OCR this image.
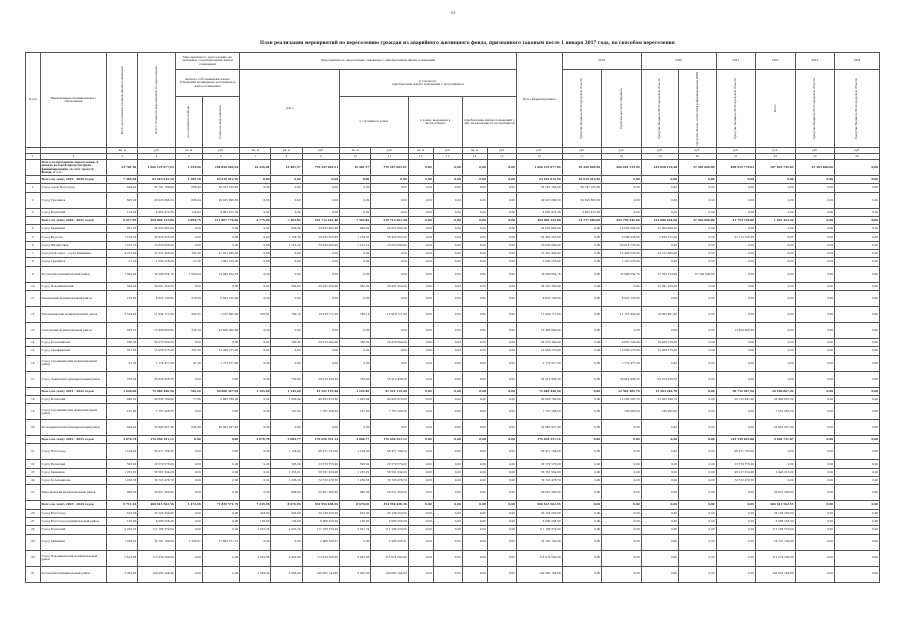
53
План реализации мероприятий по переселению граждан из аварийного жилищного фонда, признанного таковым после 1 января 2017 года, по способам переселения
№ п/п	Наименование муниципального образования	Всего расселяемая площадь жилых помещений	Всего стоимость мероприятий по переселению	Мероприятия по переселению, не связанные с приобретением жилых помещений		Мероприятия по переселению, связанные с приобретением жилых помещений									Всего финансирование	2019		2020		2021	2022	2023	2024
				выплата собственникам жилых помещений возмещения за изымаемое жилое помещение		всего			в том числе:
приобретение жилых помещений у застройщиков							Средства бюджета Волгоградской области	Средства местного бюджета	Средства бюджета Волгоградской области	Средства Фонда содействия реформированию ЖКХ	Средства бюджета Волгоградской области	Всего	Средства бюджета Волгоградской области	Средства бюджета Волгоградской области

				расселяемая площадь	стоимость мероприятий				в строящихся домах		в домах, введенных в эксплуатацию		приобретение жилых помещений у лиц, не являющихся застройщиком										
		кв. м	руб.	кв. м	руб.	кв. м	кв. м	руб.	кв. м	руб.	кв. м	руб.	кв. м	руб.	руб.	руб.	руб.	руб.	руб.	руб.	руб.	руб.	руб.
1	2	3	4	5	6	7	8	9	10	11	12	13	14	15	16	17	18	19	20	21	22	23	24
	Всего по программе переселения, в рамках которой предусмотрено финансирование за счет средств Фонда, в т.ч.:	23 781,36	1 666 125 077,03	1 254,06	104 850 666,54	16 226,04	16 481,57	770 247 065,61	16 481,57	770 247 065,61	0,00	0,00	0,00	0,00	1 666 125 077,03	65 220 840,50	260 281 133,99	219 828 119,68	37 320 000,00	838 919 774,03	107 093 739,63	47 363 400,00	0,00
	Всего по этапу 2019 - 2020 годов	7 385,04	63 619 612,50	1 385,18	63 619 612,50	0,00	0,00	0,00	0,00	0,00	0,00	0,00	0,00	0,00	63 619 612,50	63 619 612,50	0,00	0,00	0,00	0,00	0,00	0,00	0,00
1	Город-герой Волгоград	629,40	56 741 169,00	668,40	56 741 169,00	0,00	0,00	0,00	0,00	0,00	0,00	0,00	0,00	0,00	56 741 169,00	56 741 169,00	0,00	0,00	0,00	0,00	0,00	0,00	0,00
2	Город Урюпинск	695,24	29 025 896,50	695,24	29 025 896,50	0,00	0,00	0,00	0,00	0,00	0,00	0,00	0,00	0,00	29 025 896,50	29 025 896,50	0,00	0,00	0,00	0,00	0,00	0,00	0,00
3	Город Волжский	114,92	4 863 472,56	114,92	4 863 472,56	0,00	0,00	0,00	0,00	0,00	0,00	0,00	0,00	0,00	4 863 472,56	4 863 472,56	0,00	0,00	0,00	0,00	0,00	0,00	0,00
	Всего по этапу 2020 - 2021 годов	9 417,99	394 899 153,80	2 094,75	111 807 776,66	4 775,29	7 303,85	219 712 261,48	7 303,85	219 712 261,48	0,00	0,00	0,00	0,00	394 899 153,80	14 717 680,00	252 750 546,00	214 080 444,60	37 320 000,00	41 793 736,00	1 961 363,52	0,00	0,00
4	Город Камышин	991,25	34 625 862,00	0,00	0,00	0,00	600,00	34 625 862,00	600,00	34 625 862,00	0,00	0,00	0,00	0,00	34 625 862,00	0,00	19 625 862,00	15 000 000,00	0,00	0,00	0,00	0,00	0,00
5	Город Фролово	1 154,30	56 455 355,60	0,00	0,00	0,00	1 154,30	56 455 355,60	1 154,30	56 455 355,60	0,00	0,00	0,00	0,00	56 455 355,60	0,00	2 286 428,00	2 456 271,00	0,00	41 713 736,00	0,00	0,00	0,00
6	Город Михайловка	1 215,10	70 620 000,00	0,00	0,00	0,00	1 215,10	70 620 000,00	1 215,10	70 620 000,00	0,00	0,00	0,00	0,00	70 620 000,00	0,00	69 618 776,00	0,00	0,00	0,00	0,00	0,00	0,00
7	Городской округ - город Камышин	4 273,60	31 231 430,00	701,20	31 231 430,00	0,00	0,00	0,00	0,00	0,00	0,00	0,00	0,00	0,00	31 231 430,00	0,00	12 428 526,60	18 211 866,00	0,00	0,00	0,00	0,00	0,00
8	Город Урюпинск	27,20	1 002 276,00	27,20	1 002 276,00	0,00	0,00	0,00	0,00	0,00	0,00	0,00	0,00	0,00	1 002 276,00	0,00	1 107 276,00	0,00	0,00	0,00	0,00	0,00	0,00
9	Котовский муниципальный район	1 092,00	74 999 654,76	1 092,00	74 999 654,76	0,00	0,00	0,00	0,00	0,00	0,00	0,00	0,00	0,00	74 999 654,76	0,00	74 999 654,76	37 783 154,90	37 320 000,00	0,00	0,00	0,00	0,00
10	Город Новоаннинский	562,00	39 591 350,00	0,00	0,00	0,00	562,00	39 591 350,00	562,00	39 591 350,00	0,00	0,00	0,00	0,00	39 591 350,00	0,00	0,00	19 591 350,00	0,00	0,00	0,00	0,00	0,00
11	Нехаевский муниципальный район	219,80	8 825 130,00	219,80	8 825 130,00	0,00	0,00	0,00	0,00	0,00	0,00	0,00	0,00	0,00	8 825 130,00	0,00	8 825 130,00	0,00	0,00	0,00	0,00	0,00	0,00
12	Новоаннинский муниципальный район	2 234,00	11 934 771,00	282,91	1 015 000,00	282,91	780,19	10 919 771,00	780,19	10 919 771,00	0,00	0,00	0,00	0,00	11 934 771,00	0,00	11 116 454,00	16 383 961,40	0,00	0,00	0,00	0,00	0,00
13	Ольховский муниципальный район	333,10	13 408 000,00	333,10	13 408 000,00	0,00	0,00	0,00	0,00	0,00	0,00	0,00	0,00	0,00	13 408 000,00	0,00	0,00	0,00	0,00	13 408 000,00	0,00	0,00	0,00
14	Город Котельниково	780,30	29 270 300,00	0,00	0,00	0,00	780,30	29 270 300,00	780,30	29 270 300,00	0,00	0,00	0,00	0,00	29 270 300,00	0,00	9 861 524,00	19 408 776,00	0,00	0,00	0,00	0,00	0,00
15	Город Серафимович	337,20	13 058 275,00	337,20	13 058 275,00	0,00	0,00	0,00	0,00	0,00	0,00	0,00	0,00	0,00	13 058 275,00	0,00	13 058 275,00	13 058 275,00	0,00	0,00	0,00	0,00	0,00
16	Город Суровикинский муниципальный район	47,30	1 774 477,00	47,30	1 774 477,00	0,00	0,00	0,00	0,00	0,00	0,00	0,00	0,00	0,00	1 774 477,00	0,00	1 774 477,00	0,00	0,00	0,00	0,00	0,00	0,00
17	Город Ленинский муниципальный район	750,00	28 838 436,50	0,00	0,00	0,00	750,00	28 919 436,50	750,00	28 919 436,50	0,00	0,00	0,00	0,00	28 919 436,50	0,00	28 919 436,50	28 919 436,50	0,00	0,00	0,00	0,00	0,00
	Всего по этапу 2021 - 2022 годов	1 640,00	72 489 446,50	786,20	30 868 327,04	1 145,40	1 145,40	41 521 119,46	1 145,40	41 521 119,46	0,00	0,00	0,00	0,00	72 489 446,50	0,00	12 562 385,70	12 563 246,70	0,00	20 752 947,90	26 180 867,20	0,00	0,00
18	Город Волжский	846,20	43 828 760,60	77,86	2 862 788,00	0,00	1 005,64	40 925 972,60	1 005,64	40 925 972,60	0,00	0,00	0,00	0,00	43 828 760,60	0,00	12 562 385,70	12 562 246,70	0,00	20 752 947,90	26 480 867,20	0,00	0,00
19	Город Суровикинский муниципальный район	147,00	7 767 208,50	0,00	0,00	0,00	147,00	7 767 208,50	147,00	7 767 208,50	0,00	0,00	0,00	0,00	7 767 208,50	0,00	103 065,00	145 906,00	0,00	0,00	7 561 062,50	0,00	0,00
20	Котельниковский муниципальный район	626,40	20 943 927,40	626,40	20 943 927,40	0,00	0,00	0,00	0,00	0,00	0,00	0,00	0,00	0,00	20 943 927,40	0,00	0,00	0,00	0,00	0,00	20 943 927,40	0,00	0,00
	Всего по этапу 2022 - 2023 годов	3 078,78	176 656 351,12	0,00	0,00	3 078,78	3 084,77	176 656 351,12	3 084,77	176 656 351,12	0,00	0,00	0,00	0,00	176 656 351,12	0,00	0,00	0,00	0,00	145 539 623,88	9 466 721,87	0,00	0,00
21	Город Волгоград	1 104,00	66 471 704,00	0,00	0,00	0,00	1 104,00	66 471 704,00	1 104,00	66 471 704,00	0,00	0,00	0,00	0,00	66 471 704,00	0,00	0,00	0,00	0,00	66 471 704,00	0,00	0,00	0,00
22	Город Волжский	593,00	23 579 576,00	0,00	0,00	0,00	593,00	23 579 576,00	593,00	23 579 576,00	0,00	0,00	0,00	0,00	23 579 576,00	0,00	0,00	0,00	0,00	23 579 576,00	0,00	0,00	0,00
23	Город Камышин	1 253,81	56 581 934,00	0,00	0,00	0,00	1 253,81	56 581 934,00	1 253,81	56 581 934,00	0,00	0,00	0,00	0,00	56 581 934,00	0,00	0,00	0,00	0,00	46 217 614,00	2 443 313,00	0,00	0,00
24	Город Котельниково	1 236,56	74 723 478,70	0,00	0,00	0,00	1 236,56	74 723 478,70	1 236,56	74 723 478,70	0,00	0,00	0,00	0,00	74 723 478,70	0,00	0,00	0,00	0,00	74 723 478,70	0,00	0,00	0,00
25	Николаевский муниципальный район	968,00	50 851 380,00	0,00	0,00	0,00	968,00	50 851 380,00	968,00	50 851 380,00	0,00	0,00	0,00	0,00	50 851 380,00	0,00	0,00	0,00	0,00	0,00	50 851 380,00	0,00	0,00
	Всего по этапу 2023 - 2024 годов	9 711,02	466 613 562,55	1 472,06	71 839 571,79	7 239,38	8 676,96	354 994 438,36	8 676,96	354 994 438,36	0,00	0,00	0,00	0,00	466 613 562,55	0,00	0,00	0,00	0,00	0,00	466 613 562,55	0,00	0,00
26	Город Волгоград	423,00	20 128 250,00	0,00	0,00	423,00	423,00	20 128 250,00	423,00	20 128 250,00	0,00	0,00	0,00	0,00	20 128 250,00	0,00	0,00	0,00	0,00	0,00	20 128 250,00	0,00	0,00
27	Город Волгоград муниципальный район	130,00	6 066 258,30	0,00	0,00	130,00	130,00	6 066 258,30	130,00	6 066 258,30	0,00	0,00	0,00	0,00	6 066 258,30	0,00	0,00	0,00	0,00	0,00	6 066 258,30	0,00	0,00
28	Город Волжский	2 010,74	111 188 379,00	0,00	0,00	2 010,74	2 001,74	111 188 379,00	2 001,74	111 188 379,00	0,00	0,00	0,00	0,00	111 188 379,00	0,00	0,00	0,00	0,00	0,00	111 188 379,00	0,00	0,00
29	Город Камышин	1 266,91	74 791 100,00	1 266,91	71 884 571,79	0,00	0,00	2 906 528,21	0,00	2 906 528,21	0,00	0,00	0,00	0,00	74 791 100,00	0,00	0,00	0,00	0,00	0,00	74 791 100,00	0,00	0,00
30	Город Новоаннинский муниципальный район	2 422,86	113 074 500,00	0,00	0,00	2 422,86	2 422,86	113 074 500,00	2 422,86	113 074 500,00	0,00	0,00	0,00	0,00	113 074 500,00	0,00	0,00	0,00	0,00	0,00	113 074 500,00	0,00	0,00
31	Котовский муниципальный район	3 062,00	140 062 144,80	0,00	0,00	3 062,00	3 062,00	140 062 144,80	3 062,00	140 062 144,80	0,00	0,00	0,00	0,00	140 062 144,80	0,00	0,00	0,00	0,00	0,00	140 062 144,80	0,00	0,00
